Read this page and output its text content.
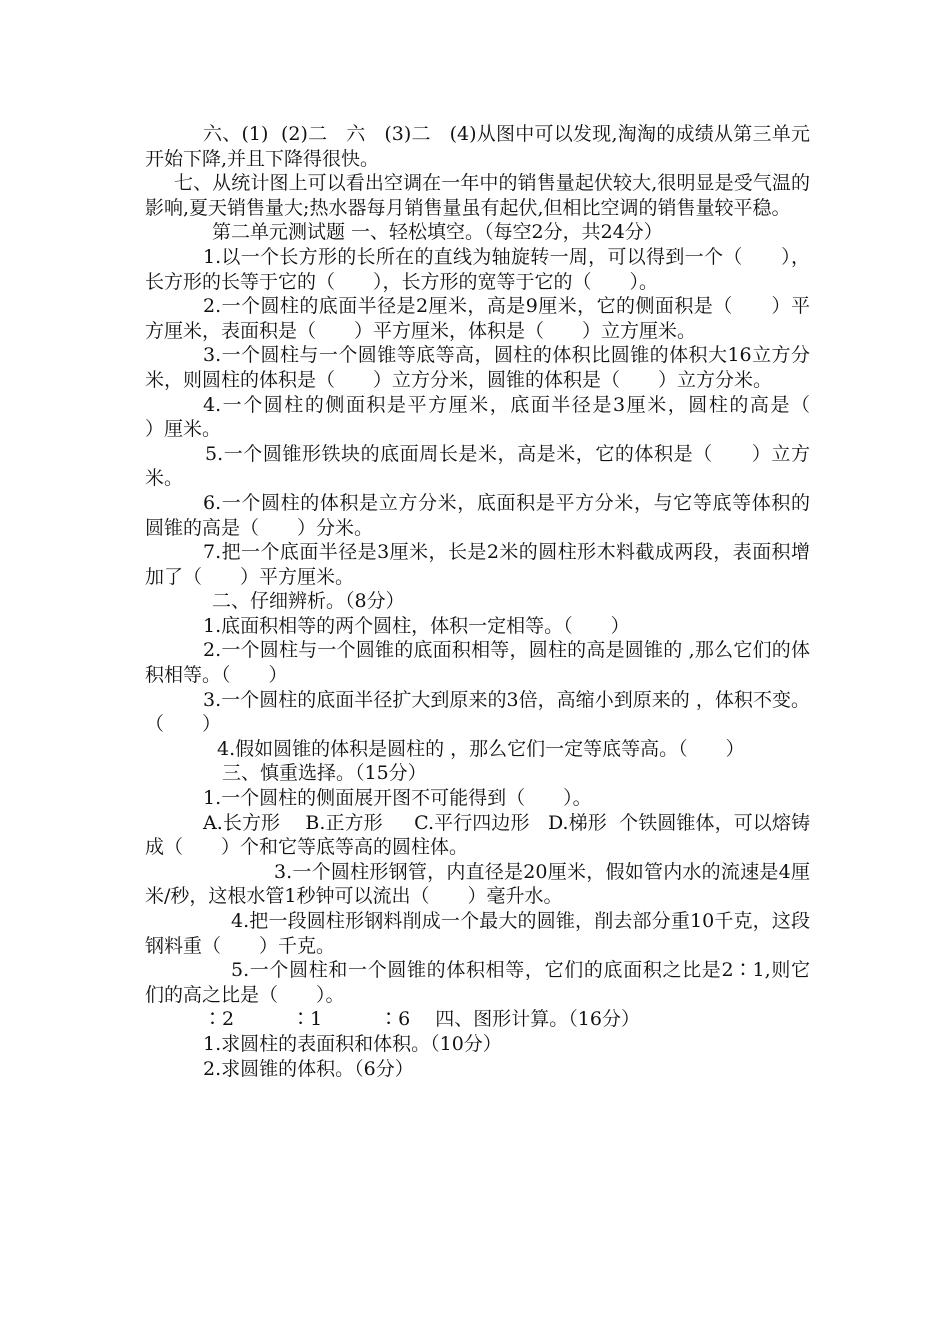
六、(1)  (2)二   六   (3)二   (4)从图中可以发现,淘淘的成绩从第三单元开始下降,并且下降得很快。

七、从统计图上可以看出空调在一年中的销售量起伏较大,很明显是受气温的影响,夏天销售量大;热水器每月销售量虽有起伏,但相比空调的销售量较平稳。

第二单元测试题 一、轻松填空。（每空2分，共24分）

1.以一个长方形的长所在的直线为轴旋转一周，可以得到一个（　　），长方形的长等于它的（　　），长方形的宽等于它的（　　）。

2.一个圆柱的底面半径是2厘米，高是9厘米，它的侧面积是（　　）平方厘米，表面积是（　　）平方厘米，体积是（　　）立方厘米。

3.一个圆柱与一个圆锥等底等高，圆柱的体积比圆锥的体积大16立方分米，则圆柱的体积是（　　）立方分米，圆锥的体积是（　　）立方分米。

4.一个圆柱的侧面积是平方厘米，底面半径是3厘米，圆柱的高是（　　）厘米。

5.一个圆锥形铁块的底面周长是米，高是米，它的体积是（　　）立方米。

6.一个圆柱的体积是立方分米，底面积是平方分米，与它等底等体积的圆锥的高是（　　）分米。

7.把一个底面半径是3厘米，长是2米的圆柱形木料截成两段，表面积增加了（　　）平方厘米。

二、仔细辨析。（8分）

1.底面积相等的两个圆柱，体积一定相等。（　　）

2.一个圆柱与一个圆锥的底面积相等，圆柱的高是圆锥的 ,那么它们的体积相等。（　　）

3.一个圆柱的底面半径扩大到原来的3倍，高缩小到原来的 ，体积不变。（　　）

4.假如圆锥的体积是圆柱的 ，那么它们一定等底等高。（　　）

三、慎重选择。（15分）

1.一个圆柱的侧面展开图不可能得到（　　）。

A.长方形　 B.正方形　  C.平行四边形   D.梯形  个铁圆锥体，可以熔铸成（　　）个和它等底等高的圆柱体。

3.一个圆柱形钢管，内直径是20厘米，假如管内水的流速是4厘米/秒，这根水管1秒钟可以流出（　　）毫升水。

4.把一段圆柱形钢料削成一个最大的圆锥，削去部分重10千克，这段钢料重（　　）千克。

5.一个圆柱和一个圆锥的体积相等，它们的底面积之比是2∶1,则它们的高之比是（　　）。

∶2　　　∶1　　　∶6　 四、图形计算。（16分）

1.求圆柱的表面积和体积。（10分）

2.求圆锥的体积。（6分）
